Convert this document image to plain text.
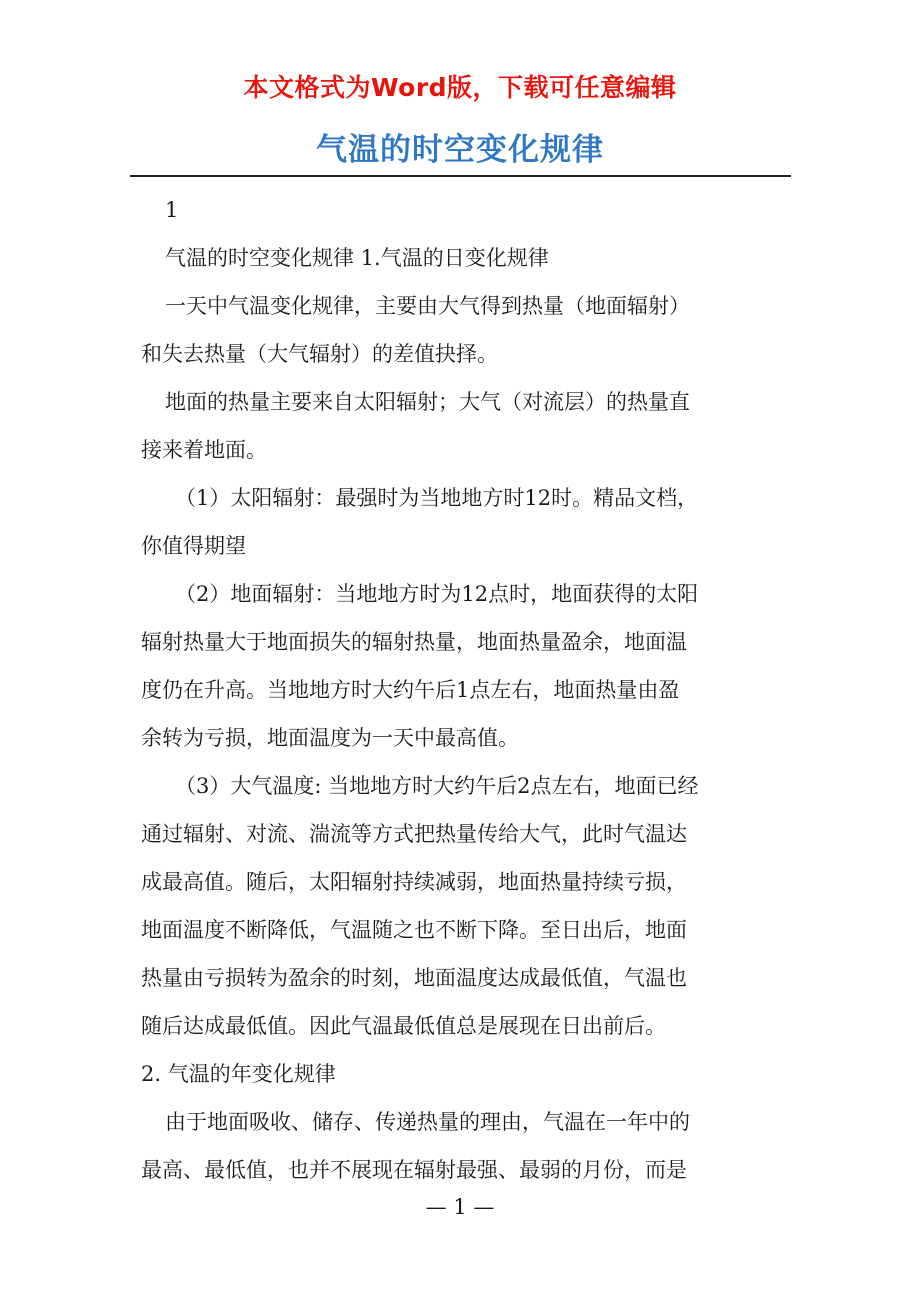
本文格式为Word版，下载可任意编辑
气温的时空变化规律
1
气温的时空变化规律 1.气温的日变化规律
一天中气温变化规律，主要由大气得到热量（地面辐射）
和失去热量（大气辐射）的差值抉择。
地面的热量主要来自太阳辐射；大气（对流层）的热量直
接来着地面。
（1）太阳辐射：最强时为当地地方时12时。精品文档，
你值得期望
（2）地面辐射：当地地方时为12点时，地面获得的太阳
辐射热量大于地面损失的辐射热量，地面热量盈余，地面温
度仍在升高。当地地方时大约午后1点左右，地面热量由盈
余转为亏损，地面温度为一天中最高值。
（3）大气温度: 当地地方时大约午后2点左右，地面已经
通过辐射、对流、湍流等方式把热量传给大气，此时气温达
成最高值。随后，太阳辐射持续减弱，地面热量持续亏损，
地面温度不断降低，气温随之也不断下降。至日出后，地面
热量由亏损转为盈余的时刻，地面温度达成最低值，气温也
随后达成最低值。因此气温最低值总是展现在日出前后。
2. 气温的年变化规律
由于地面吸收、储存、传递热量的理由，气温在一年中的
最高、最低值，也并不展现在辐射最强、最弱的月份，而是
— 1 —
